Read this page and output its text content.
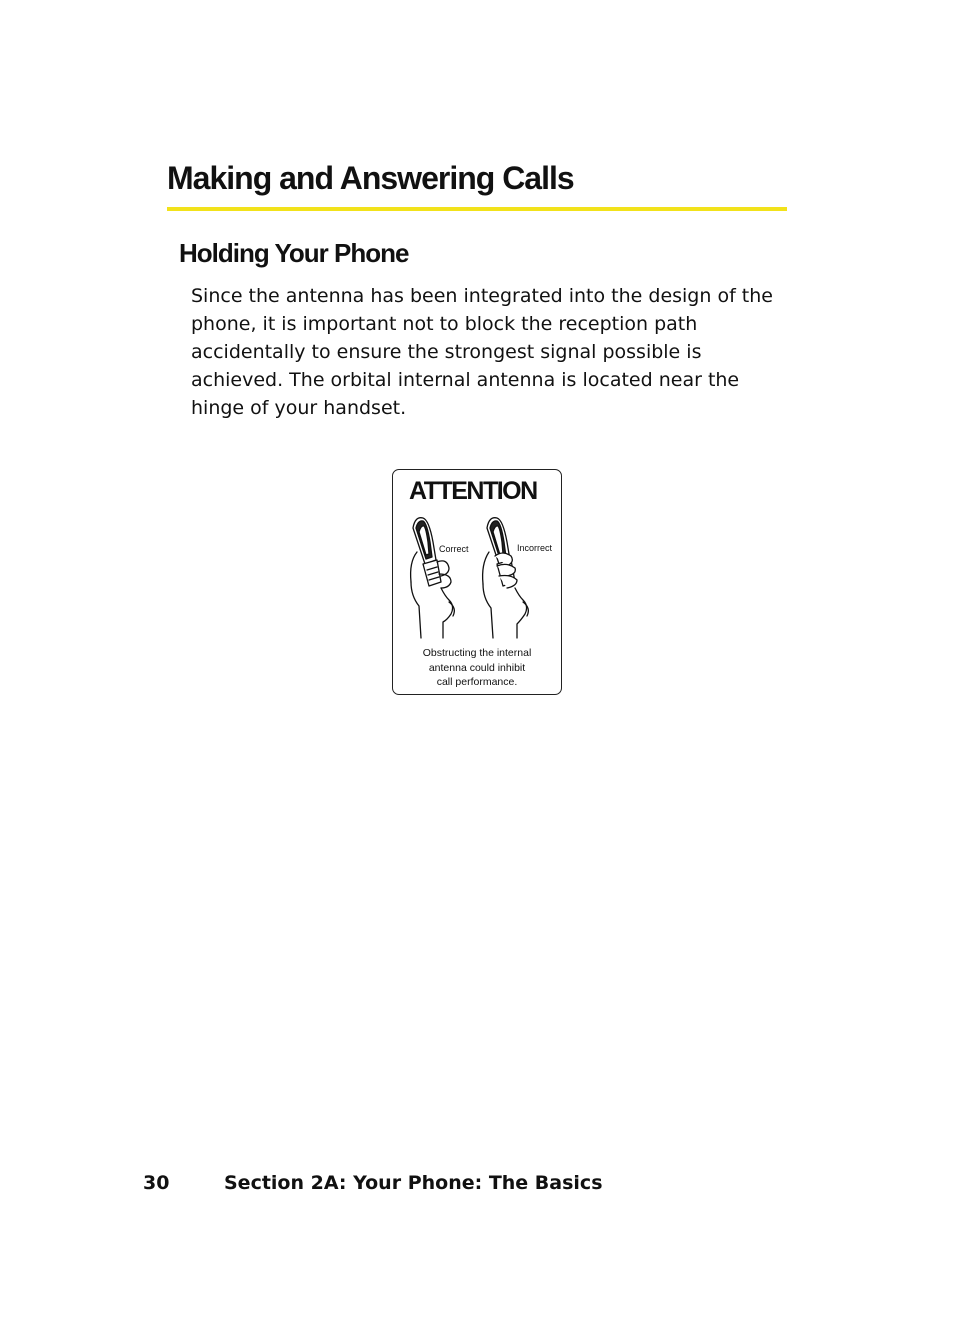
Making and Answering Calls
Holding Your Phone

Since the antenna has been integrated into the design of the phone, it is important not to block the reception path accidentally to ensure the strongest signal possible is achieved. The orbital internal antenna is located near the hinge of your handset.

ATTENTION
Correct	Incorrect

Obstructing the internal
antenna could inhibit
call performance.

30	Section 2A: Your Phone: The Basics
